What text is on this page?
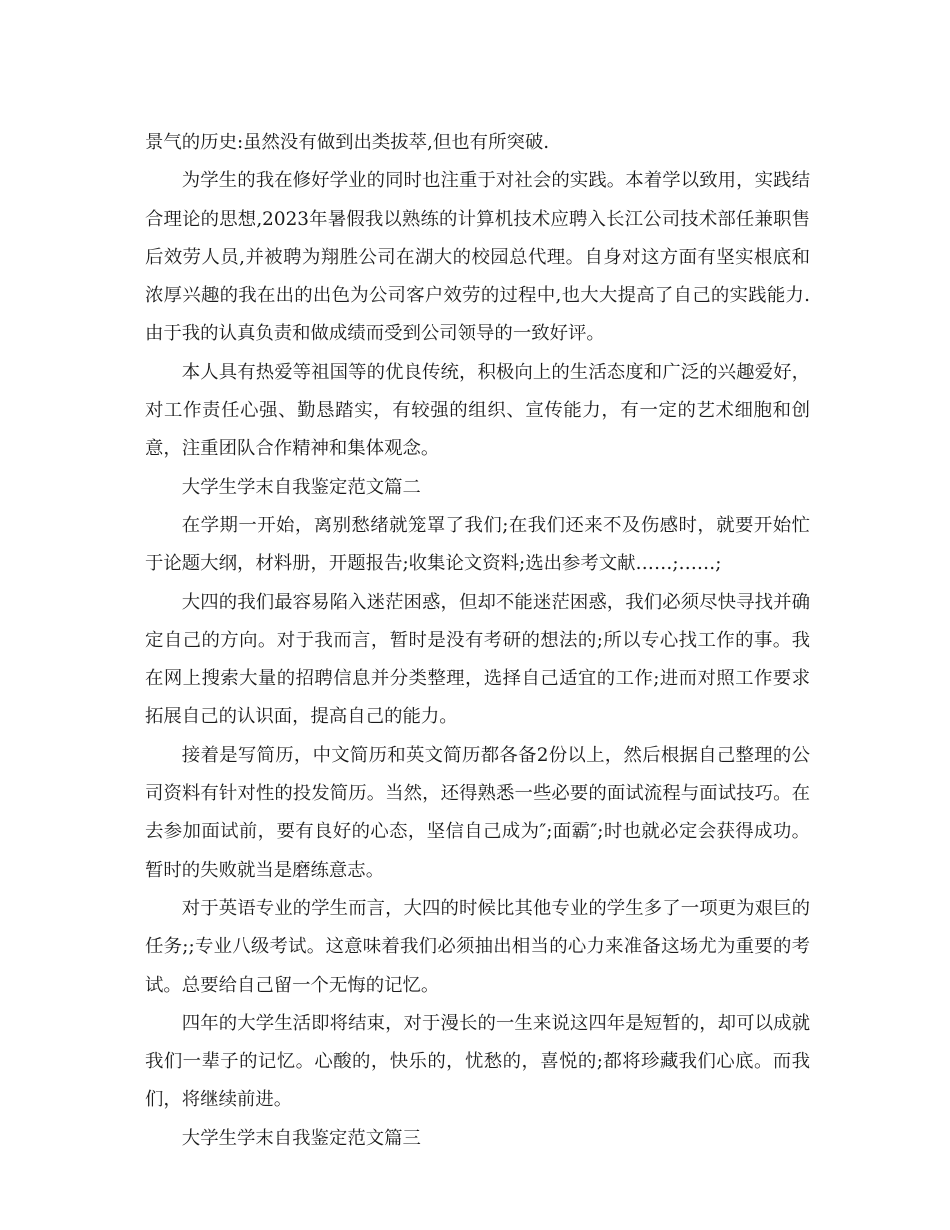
景气的历史:虽然没有做到出类拔萃,但也有所突破.

为学生的我在修好学业的同时也注重于对社会的实践。本着学以致用，实践结合理论的思想,2023年暑假我以熟练的计算机技术应聘入长江公司技术部任兼职售后效劳人员,并被聘为翔胜公司在湖大的校园总代理。自身对这方面有坚实根底和浓厚兴趣的我在出的出色为公司客户效劳的过程中,也大大提高了自己的实践能力.由于我的认真负责和做成绩而受到公司领导的一致好评。

本人具有热爱等祖国等的优良传统，积极向上的生活态度和广泛的兴趣爱好，对工作责任心强、勤恳踏实，有较强的组织、宣传能力，有一定的艺术细胞和创意，注重团队合作精神和集体观念。

大学生学末自我鉴定范文篇二

在学期一开始，离别愁绪就笼罩了我们;在我们还来不及伤感时，就要开始忙于论题大纲，材料册，开题报告;收集论文资料;选出参考文献……;……;

大四的我们最容易陷入迷茫困惑，但却不能迷茫困惑，我们必须尽快寻找并确定自己的方向。对于我而言，暂时是没有考研的想法的;所以专心找工作的事。我在网上搜索大量的招聘信息并分类整理，选择自己适宜的工作;进而对照工作要求拓展自己的认识面，提高自己的能力。

接着是写简历，中文简历和英文简历都各备2份以上，然后根据自己整理的公司资料有针对性的投发简历。当然，还得熟悉一些必要的面试流程与面试技巧。在去参加面试前，要有良好的心态，坚信自己成为″;面霸″;时也就必定会获得成功。暂时的失败就当是磨练意志。

对于英语专业的学生而言，大四的时候比其他专业的学生多了一项更为艰巨的任务;;专业八级考试。这意味着我们必须抽出相当的心力来准备这场尤为重要的考试。总要给自己留一个无悔的记忆。

四年的大学生活即将结束，对于漫长的一生来说这四年是短暂的，却可以成就我们一辈子的记忆。心酸的，快乐的，忧愁的，喜悦的;都将珍藏我们心底。而我们，将继续前进。

大学生学末自我鉴定范文篇三
